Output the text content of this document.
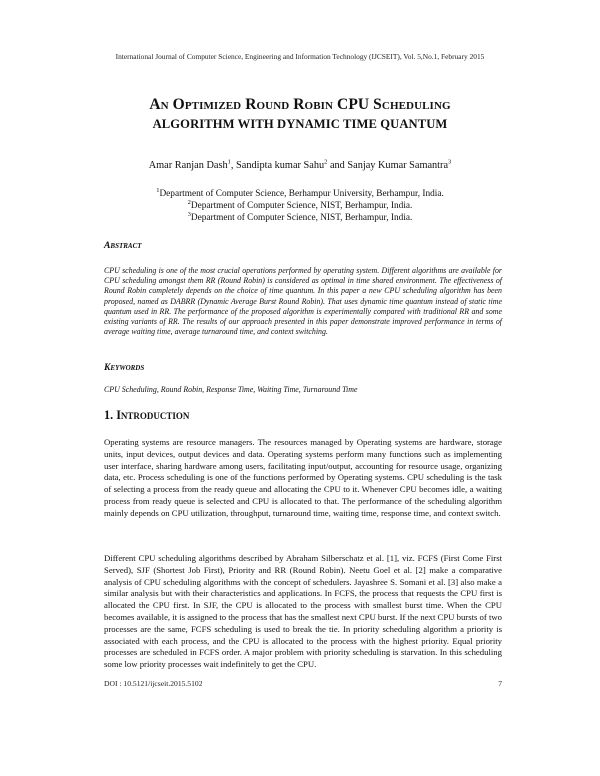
International Journal of Computer Science, Engineering and Information Technology (IJCSEIT), Vol. 5,No.1, February 2015
An Optimized Round Robin CPU Scheduling
ALGORITHM WITH DYNAMIC TIME QUANTUM
Amar Ranjan Dash$^1$, Sandipta kumar Sahu$^2$ and Sanjay Kumar Samantra$^3$
$^1$Department of Computer Science, Berhampur University, Berhampur, India.
$^2$Department of Computer Science, NIST, Berhampur, India.
$^3$Department of Computer Science, NIST, Berhampur, India.
Abstract

CPU scheduling is one of the most crucial operations performed by operating system. Different algorithms are available for CPU scheduling amongst them RR (Round Robin) is considered as optimal in time shared environment. The effectiveness of Round Robin completely depends on the choice of time quantum. In this paper a new CPU scheduling algorithm has been proposed, named as DABRR (Dynamic Average Burst Round Robin). That uses dynamic time quantum instead of static time quantum used in RR. The performance of the proposed algorithm is experimentally compared with traditional RR and some existing variants of RR. The results of our approach presented in this paper demonstrate improved performance in terms of average waiting time, average turnaround time, and context switching.

Keywords

CPU Scheduling, Round Robin, Response Time, Waiting Time, Turnaround Time

1. Introduction

Operating systems are resource managers. The resources managed by Operating systems are hardware, storage units, input devices, output devices and data. Operating systems perform many functions such as implementing user interface, sharing hardware among users, facilitating input/output, accounting for resource usage, organizing data, etc. Process scheduling is one of the functions performed by Operating systems. CPU scheduling is the task of selecting a process from the ready queue and allocating the CPU to it. Whenever CPU becomes idle, a waiting process from ready queue is selected and CPU is allocated to that. The performance of the scheduling algorithm mainly depends on CPU utilization, throughput, turnaround time, waiting time, response time, and context switch.

Different CPU scheduling algorithms described by Abraham Silberschatz et al. [1], viz. FCFS (First Come First Served), SJF (Shortest Job First), Priority and RR (Round Robin). Neetu Goel et al. [2] make a comparative analysis of CPU scheduling algorithms with the concept of schedulers. Jayashree S. Somani et al. [3] also make a similar analysis but with their characteristics and applications. In FCFS, the process that requests the CPU first is allocated the CPU first. In SJF, the CPU is allocated to the process with smallest burst time. When the CPU becomes available, it is assigned to the process that has the smallest next CPU burst. If the next CPU bursts of two processes are the same, FCFS scheduling is used to break the tie. In priority scheduling algorithm a priority is associated with each process, and the CPU is allocated to the process with the highest priority. Equal priority processes are scheduled in FCFS order. A major problem with priority scheduling is starvation. In this scheduling some low priority processes wait indefinitely to get the CPU.

DOI : 10.5121/ijcseit.2015.5102	7
